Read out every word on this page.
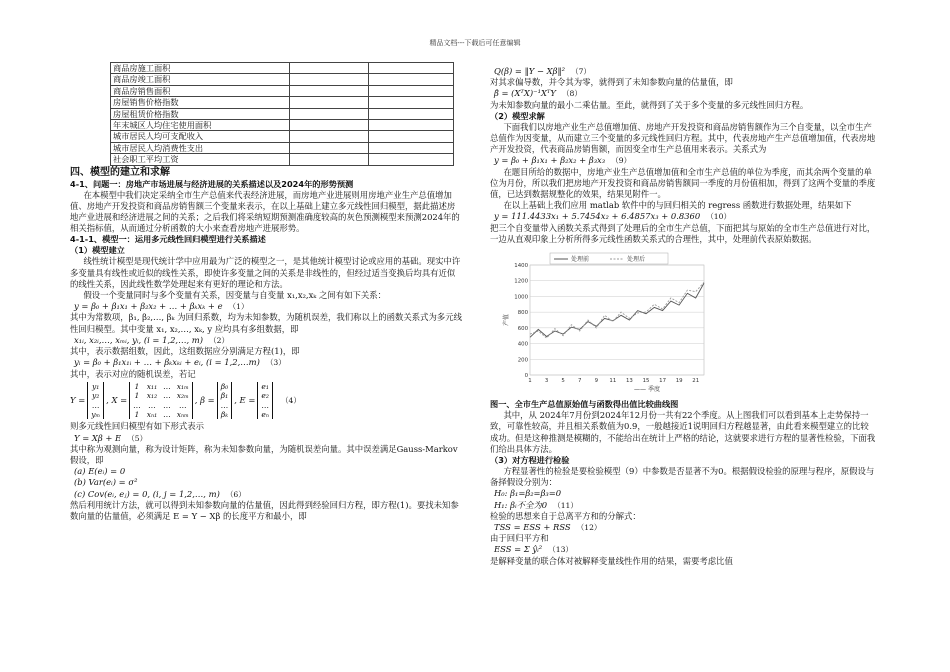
精品文档---下载后可任意编辑
商品房施工面积		
商品房竣工面积		
商品房销售面积		
房屋销售价格指数		
房屋租赁价格指数		
年末城区人均住宅使用面积		
城市居民人均可支配收入		
城市居民人均消费性支出		
社会职工平均工资		
四、模型的建立和求解
4-1、问题一：房地产市场进展与经济进展的关系描述以及2024年的形势预测
在本模型中我们决定采纳全市生产总值来代表经济进展，而房地产业进展则用房地产业生产总值增加值、房地产开发投资和商品房销售额三个变量来表示，在以上基础上建立多元线性回归模型，据此描述房地产业进展和经济进展之间的关系；之后我们将采纳短期预测准确度较高的灰色预测模型来预测2024年的相关指标值，从而通过分析函数的大小来查看房地产进展形势。
4-1-1、模型一：运用多元线性回归模型进行关系描述
（1）模型建立
线性统计模型是现代统计学中应用最为广泛的模型之一，是其他统计模型讨论或应用的基础。现实中许多变量具有线性或近似的线性关系，即使许多变量之间的关系是非线性的，但经过适当变换后均具有近似的线性关系，因此线性数学处理起来有更好的理论和方法。
假设一个变量同时与多个变量有关系，因变量与自变量 x₁,x₂,xₖ 之间有如下关系：
y = β₀ + β₁x₁ + β₂x₂ + … + βₖxₖ + e （1）
其中为常数项，β₁, β₂,…, βₖ 为回归系数，均为未知参数，为随机误差，我们称以上的函数关系式为多元线性回归模型。其中变量 x₁, x₂,…, xₖ, y 应均具有多组数据，即
x₁ᵢ, x₂ᵢ,…, xₘᵢ, yᵢ, (i = 1,2,…, m) （2）
其中，表示数据组数，因此，这组数据应分别满足方程(1)，即
yᵢ = β₀ + β₁x₁ᵢ + … + βₖxₖᵢ + eᵢ, (i = 1,2,…m) （3）
其中，表示对应的随机误差，若记
Y =
y₁
y₂
…
yₘ
, X =
1 x₁₁ … x₁ₘ
1 x₁₂ … x₂ₘ
… … … …
1 xₙ₁ … xₙₘ
, β =
β₀
β₁
…
βₖ
, E =
e₁
e₂
…
eₙ
（4）
则多元线性回归模型有如下形式表示
Y = Xβ + E （5）
其中称为观测向量，称为设计矩阵，称为未知参数向量，为随机误差向量。其中误差满足Gauss-Markov 假设，即
(a) E(eᵢ) = 0
(b) Var(eᵢ) = σ²
(c) Cov(eᵢ, eⱼ) = 0, (i, j = 1,2,…, m) （6）
然后利用统计方法，就可以得到未知参数向量的估量值，因此得到经验回归方程，即方程(1)。要找未知参数向量的估量值，必须满足 E = Y − Xβ 的长度平方和最小，即
Q(β) = ‖Y − Xβ‖² （7）
对其求偏导数，并令其为零，就得到了未知参数向量的估量值，即
β̂ = (XᵀX)⁻¹XᵀY （8）
为未知参数向量的最小二乘估量。至此，就得到了关于多个变量的多元线性回归方程。
（2）模型求解
下面我们以房地产业生产总值增加值、房地产开发投资和商品房销售额作为三个自变量，以全市生产总值作为因变量，从而建立三个变量的多元线性回归方程。其中，代表房地产生产总值增加值，代表房地产开发投资，代表商品房销售额，而因变全市生产总值用来表示。关系式为
y = β₀ + β₁x₁ + β₂x₂ + β₃x₃ （9）
在题目所给的数据中，房地产业生产总值增加值和全市生产总值的单位为季度，而其余两个变量的单位为月份，所以我们把房地产开发投资和商品房销售额同一季度的月份值相加，得到了这两个变量的季度值，已达到数据规整化的效果，结果见附件一。
在以上基础上我们应用 matlab 软件中的与回归相关的 regress 函数进行数据处理，结果如下
y = 111.4433x₁ + 5.7454x₂ + 6.4857x₃ + 0.8360 （10）
把三个自变量带入函数关系式得到了处理后的全市生产总值，下面把其与原始的全市生产总值进行对比，一边从直观印象上分析所得多元线性函数关系式的合理性，其中，处理前代表原始数据。
0
200
400
600
800
1000
1200
1400
1 3 5 7 9 11 13 15 17 19 21
产值
—— 季度
处理前	处理后
图一、全市生产总值原始值与函数得出值比较曲线图
其中，从 2024年7月份到2024年12月份一共有22个季度。从上图我们可以看到基本上走势保持一致，可靠性较高，并且相关系数值为0.9，一般越接近1说明回归方程越显著，由此看来模型建立的比较成功。但是这种推测是模糊的，不能给出在统计上严格的结论，这就要求进行方程的显著性检验，下面我们给出具体方法。
（3）对方程进行检验
方程显著性的检验是要检验模型（9）中参数是否显著不为0。根据假设检验的原理与程序，原假设与备择假设分别为：
H₀: β₁=β₂=β₃=0
H₁: βᵢ不全为0 （11）
检验的思想来自于总离平方和的分解式：
TSS = ESS + RSS （12）
由于回归平方和
ESS = Σ ŷᵢ² （13）
是解释变量的联合体对被解释变量线性作用的结果，需要考虑比值
